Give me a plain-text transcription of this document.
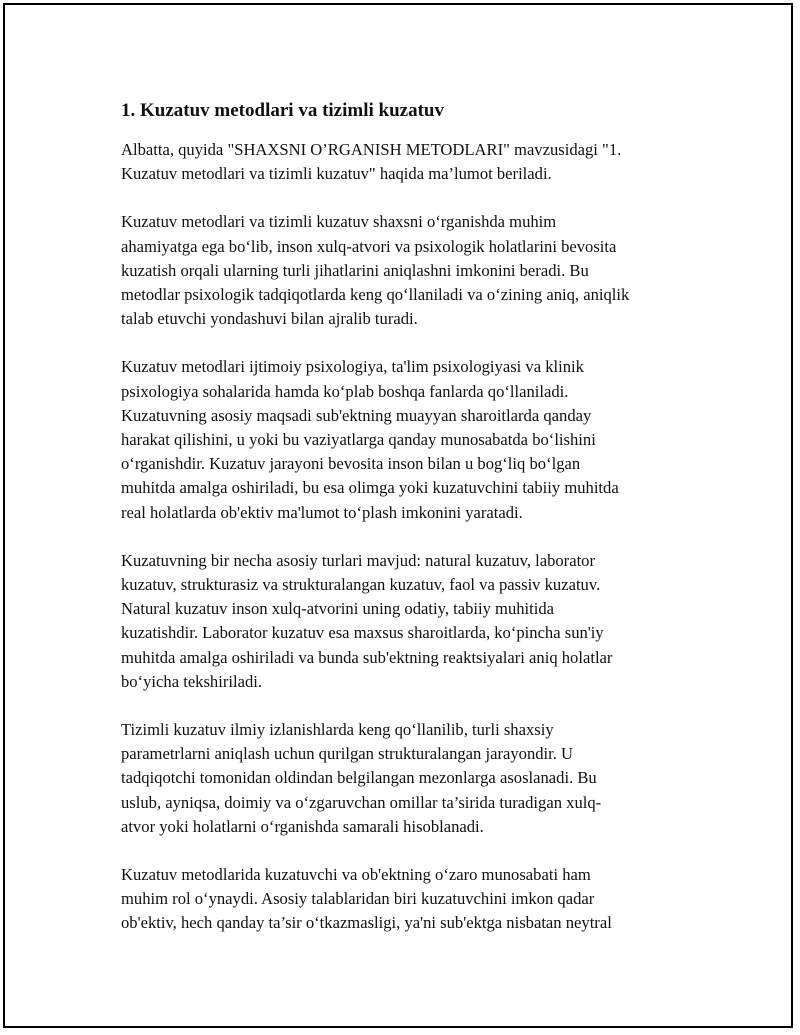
1. Kuzatuv metodlari va tizimli kuzatuv

Albatta, quyida "SHAXSNI O’RGANISH METODLARI" mavzusidagi "1.
Kuzatuv metodlari va tizimli kuzatuv" haqida ma’lumot beriladi.

Kuzatuv metodlari va tizimli kuzatuv shaxsni oʻrganishda muhim
ahamiyatga ega boʻlib, inson xulq-atvori va psixologik holatlarini bevosita
kuzatish orqali ularning turli jihatlarini aniqlashni imkonini beradi. Bu
metodlar psixologik tadqiqotlarda keng qoʻllaniladi va oʻzining aniq, aniqlik
talab etuvchi yondashuvi bilan ajralib turadi.

Kuzatuv metodlari ijtimoiy psixologiya, ta'lim psixologiyasi va klinik
psixologiya sohalarida hamda koʻplab boshqa fanlarda qoʻllaniladi.
Kuzatuvning asosiy maqsadi sub'ektning muayyan sharoitlarda qanday
harakat qilishini, u yoki bu vaziyatlarga qanday munosabatda boʻlishini
oʻrganishdir. Kuzatuv jarayoni bevosita inson bilan u bogʻliq boʻlgan
muhitda amalga oshiriladi, bu esa olimga yoki kuzatuvchini tabiiy muhitda
real holatlarda ob'ektiv ma'lumot toʻplash imkonini yaratadi.

Kuzatuvning bir necha asosiy turlari mavjud: natural kuzatuv, laborator
kuzatuv, strukturasiz va strukturalangan kuzatuv, faol va passiv kuzatuv.
Natural kuzatuv inson xulq-atvorini uning odatiy, tabiiy muhitida
kuzatishdir. Laborator kuzatuv esa maxsus sharoitlarda, koʻpincha sun'iy
muhitda amalga oshiriladi va bunda sub'ektning reaktsiyalari aniq holatlar
boʻyicha tekshiriladi.

Tizimli kuzatuv ilmiy izlanishlarda keng qoʻllanilib, turli shaxsiy
parametrlarni aniqlash uchun qurilgan strukturalangan jarayondir. U
tadqiqotchi tomonidan oldindan belgilangan mezonlarga asoslanadi. Bu
uslub, ayniqsa, doimiy va oʻzgaruvchan omillar ta’sirida turadigan xulq-
atvor yoki holatlarni oʻrganishda samarali hisoblanadi.

Kuzatuv metodlarida kuzatuvchi va ob'ektning oʻzaro munosabati ham
muhim rol oʻynaydi. Asosiy talablaridan biri kuzatuvchini imkon qadar
ob'ektiv, hech qanday ta’sir oʻtkazmasligi, ya'ni sub'ektga nisbatan neytral
